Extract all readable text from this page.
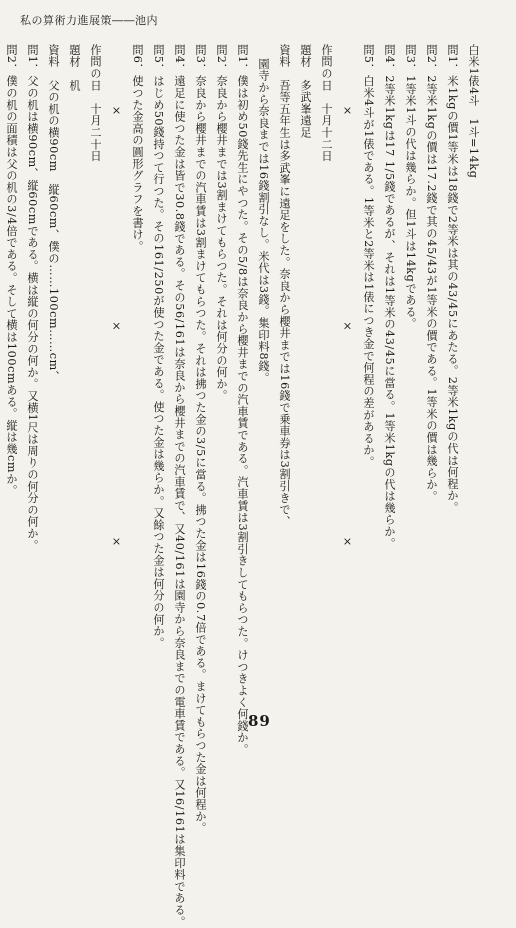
私の算術力進展策――池内
白米1俵4斗　1斗=14kg
問1．米1kgの價1等米は18錢で2等米は其の43/45にあたる。2等米1kgの代は何程か。
問2．2等米1kgの價は17.2錢で其の45/43が1等米の價である。1等米の價は幾らか。
問3．1等米1斗の代は幾らか。但1斗は14kgである。
問4．2等米1kgは17 1/5錢であるが、それは1等米の43/45に當る。1等米1kgの代は幾らか。
問5．白米4斗が1俵である。1等米と2等米は1俵につき金で何程の差があるか。
×　　×　　×
作問の日　十月十二日
題材　多武峯遠足
資料　吾等五年生は多武峯に遠足をした。奈良から櫻井までは16錢で乗車券は3割引きで、
園寺から奈良までは16錢割引なし。米代は3錢。集印料8錢。
問1．僕は初め50錢先生にやつた。その5/8は奈良から櫻井までの汽車賃である。汽車賃は3割引きしてもらつた。けつきよく何錢か。
問2．奈良から櫻井までは3割まけてもらつた。それは何分の何か。
問3．奈良から櫻井までの汽車賃は3割まけてもらつた。それは拂つた金の3/5に當る。拂つた金は16錢の0.7倍である。まけてもらつた金は何程か。
問4．遠足に使つた金は皆で30.8錢である。その56/161は奈良から櫻井までの汽車賃で、又40/161は園寺から奈良までの電車賃である。又16/161は集印料である。
問5．はじめ50錢持つて行つた。その161/250が使つた金である。使つた金は幾らか。又餘つた金は何分の何か。
問6．使つた金高の圓形グラフを書け。
×　　×　　×
作問の日　十月二十日
題材　机
資料　父の机の横90cm　縦60cm、僕の……100cm……cm、
問1．父の机は横90cm、縦60cmである。横は縦の何分の何か。又横1尺は周りの何分の何か。
問2．僕の机の面積は父の机の3/4倍である。そして横は100cmある。縦は幾cmか。
89
